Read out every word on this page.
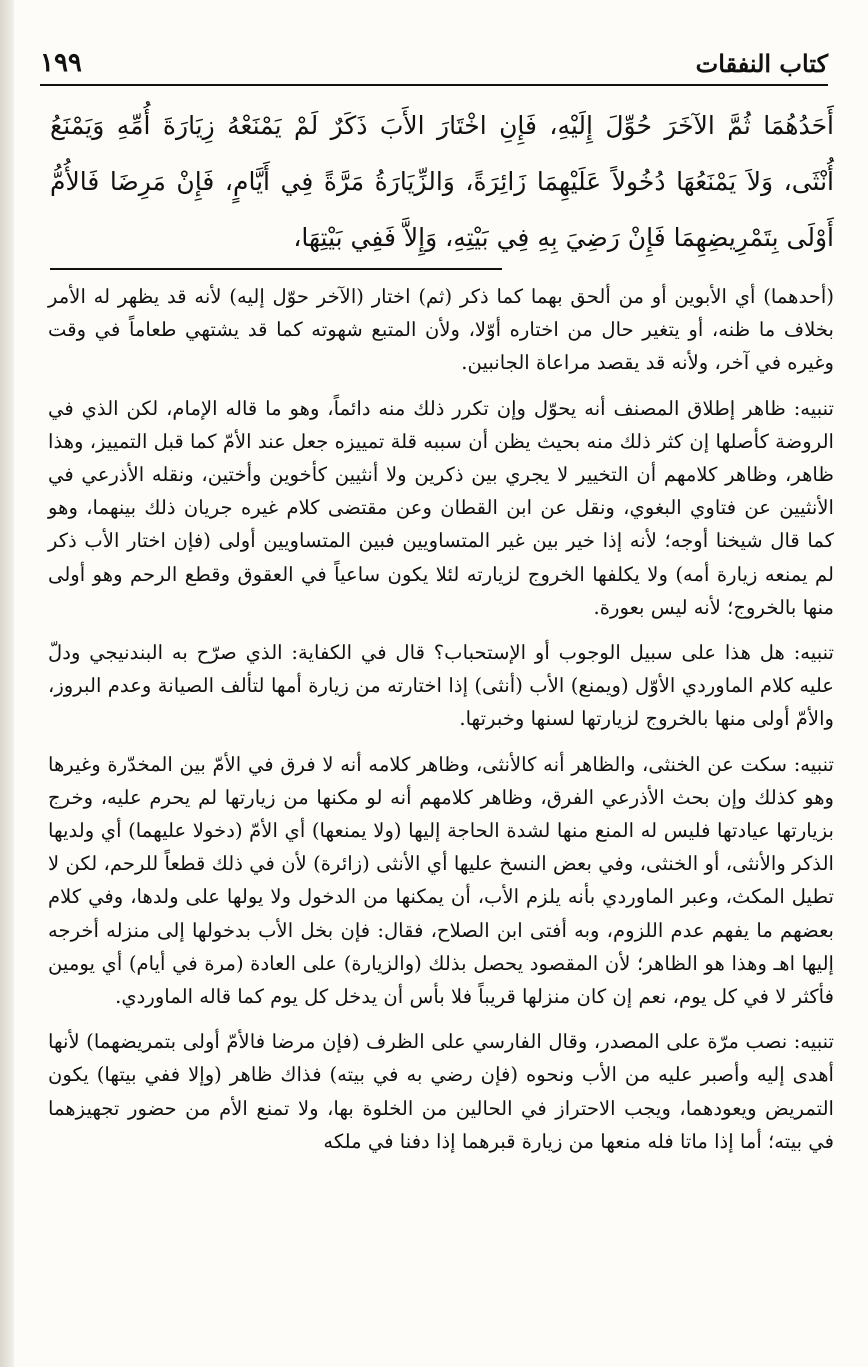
كتاب النفقات
١٩٩
أَحَدُهُمَا ثُمَّ الآخَرَ حُوِّلَ إِلَيْهِ، فَإِنِ اخْتَارَ الأَبَ ذَكَرٌ لَمْ يَمْنَعْهُ زِيَارَةَ أُمِّهِ وَيَمْنَعُ أُنْثَى، وَلاَ يَمْنَعُهَا دُخُولاً عَلَيْهِمَا زَائِرَةً، وَالزِّيَارَةُ مَرَّةً فِي أَيَّامٍ، فَإِنْ مَرِضَا فَالأُمُّ أَوْلَى بِتَمْرِيضِهِمَا فَإِنْ رَضِيَ بِهِ فِي بَيْتِهِ، وَإِلاَّ فَفِي بَيْتِهَا،

(أحدهما) أي الأبوين أو من ألحق بهما كما ذكر (ثم) اختار (الآخر حوّل إليه) لأنه قد يظهر له الأمر بخلاف ما ظنه، أو يتغير حال من اختاره أوّلا، ولأن المتبع شهوته كما قد يشتهي طعاماً في وقت وغيره في آخر، ولأنه قد يقصد مراعاة الجانبين.

تنبيه: ظاهر إطلاق المصنف أنه يحوّل وإن تكرر ذلك منه دائماً، وهو ما قاله الإمام، لكن الذي في الروضة كأصلها إن كثر ذلك منه بحيث يظن أن سببه قلة تمييزه جعل عند الأمّ كما قبل التمييز، وهذا ظاهر، وظاهر كلامهم أن التخيير لا يجري بين ذكرين ولا أنثيين كأخوين وأختين، ونقله الأذرعي في الأنثيين عن فتاوي البغوي، ونقل عن ابن القطان وعن مقتضى كلام غيره جريان ذلك بينهما، وهو كما قال شيخنا أوجه؛ لأنه إذا خير بين غير المتساويين فبين المتساويين أولى (فإن اختار الأب ذكر لم يمنعه زيارة أمه) ولا يكلفها الخروج لزيارته لئلا يكون ساعياً في العقوق وقطع الرحم وهو أولى منها بالخروج؛ لأنه ليس بعورة.

تنبيه: هل هذا على سبيل الوجوب أو الإستحباب؟ قال في الكفاية: الذي صرّح به البندنيجي ودلّ عليه كلام الماوردي الأوّل (ويمنع) الأب (أنثى) إذا اختارته من زيارة أمها لتألف الصيانة وعدم البروز، والأمّ أولى منها بالخروج لزيارتها لسنها وخبرتها.

تنبيه: سكت عن الخنثى، والظاهر أنه كالأنثى، وظاهر كلامه أنه لا فرق في الأمّ بين المخدّرة وغيرها وهو كذلك وإن بحث الأذرعي الفرق، وظاهر كلامهم أنه لو مكنها من زيارتها لم يحرم عليه، وخرج بزيارتها عيادتها فليس له المنع منها لشدة الحاجة إليها (ولا يمنعها) أي الأمّ (دخولا عليهما) أي ولديها الذكر والأنثى، أو الخنثى، وفي بعض النسخ عليها أي الأنثى (زائرة) لأن في ذلك قطعاً للرحم، لكن لا تطيل المكث، وعبر الماوردي بأنه يلزم الأب، أن يمكنها من الدخول ولا يولها على ولدها، وفي كلام بعضهم ما يفهم عدم اللزوم، وبه أفتى ابن الصلاح، فقال: فإن بخل الأب بدخولها إلى منزله أخرجه إليها اهـ وهذا هو الظاهر؛ لأن المقصود يحصل بذلك (والزيارة) على العادة (مرة في أيام) أي يومين فأكثر لا في كل يوم، نعم إن كان منزلها قريباً فلا بأس أن يدخل كل يوم كما قاله الماوردي.

تنبيه: نصب مرّة على المصدر، وقال الفارسي على الظرف (فإن مرضا فالأمّ أولى بتمريضهما) لأنها أهدى إليه وأصبر عليه من الأب ونحوه (فإن رضي به في بيته) فذاك ظاهر (وإلا ففي بيتها) يكون التمريض ويعودهما، ويجب الاحتراز في الحالين من الخلوة بها، ولا تمنع الأم من حضور تجهيزهما في بيته؛ أما إذا ماتا فله منعها من زيارة قبرهما إذا دفنا في ملكه
